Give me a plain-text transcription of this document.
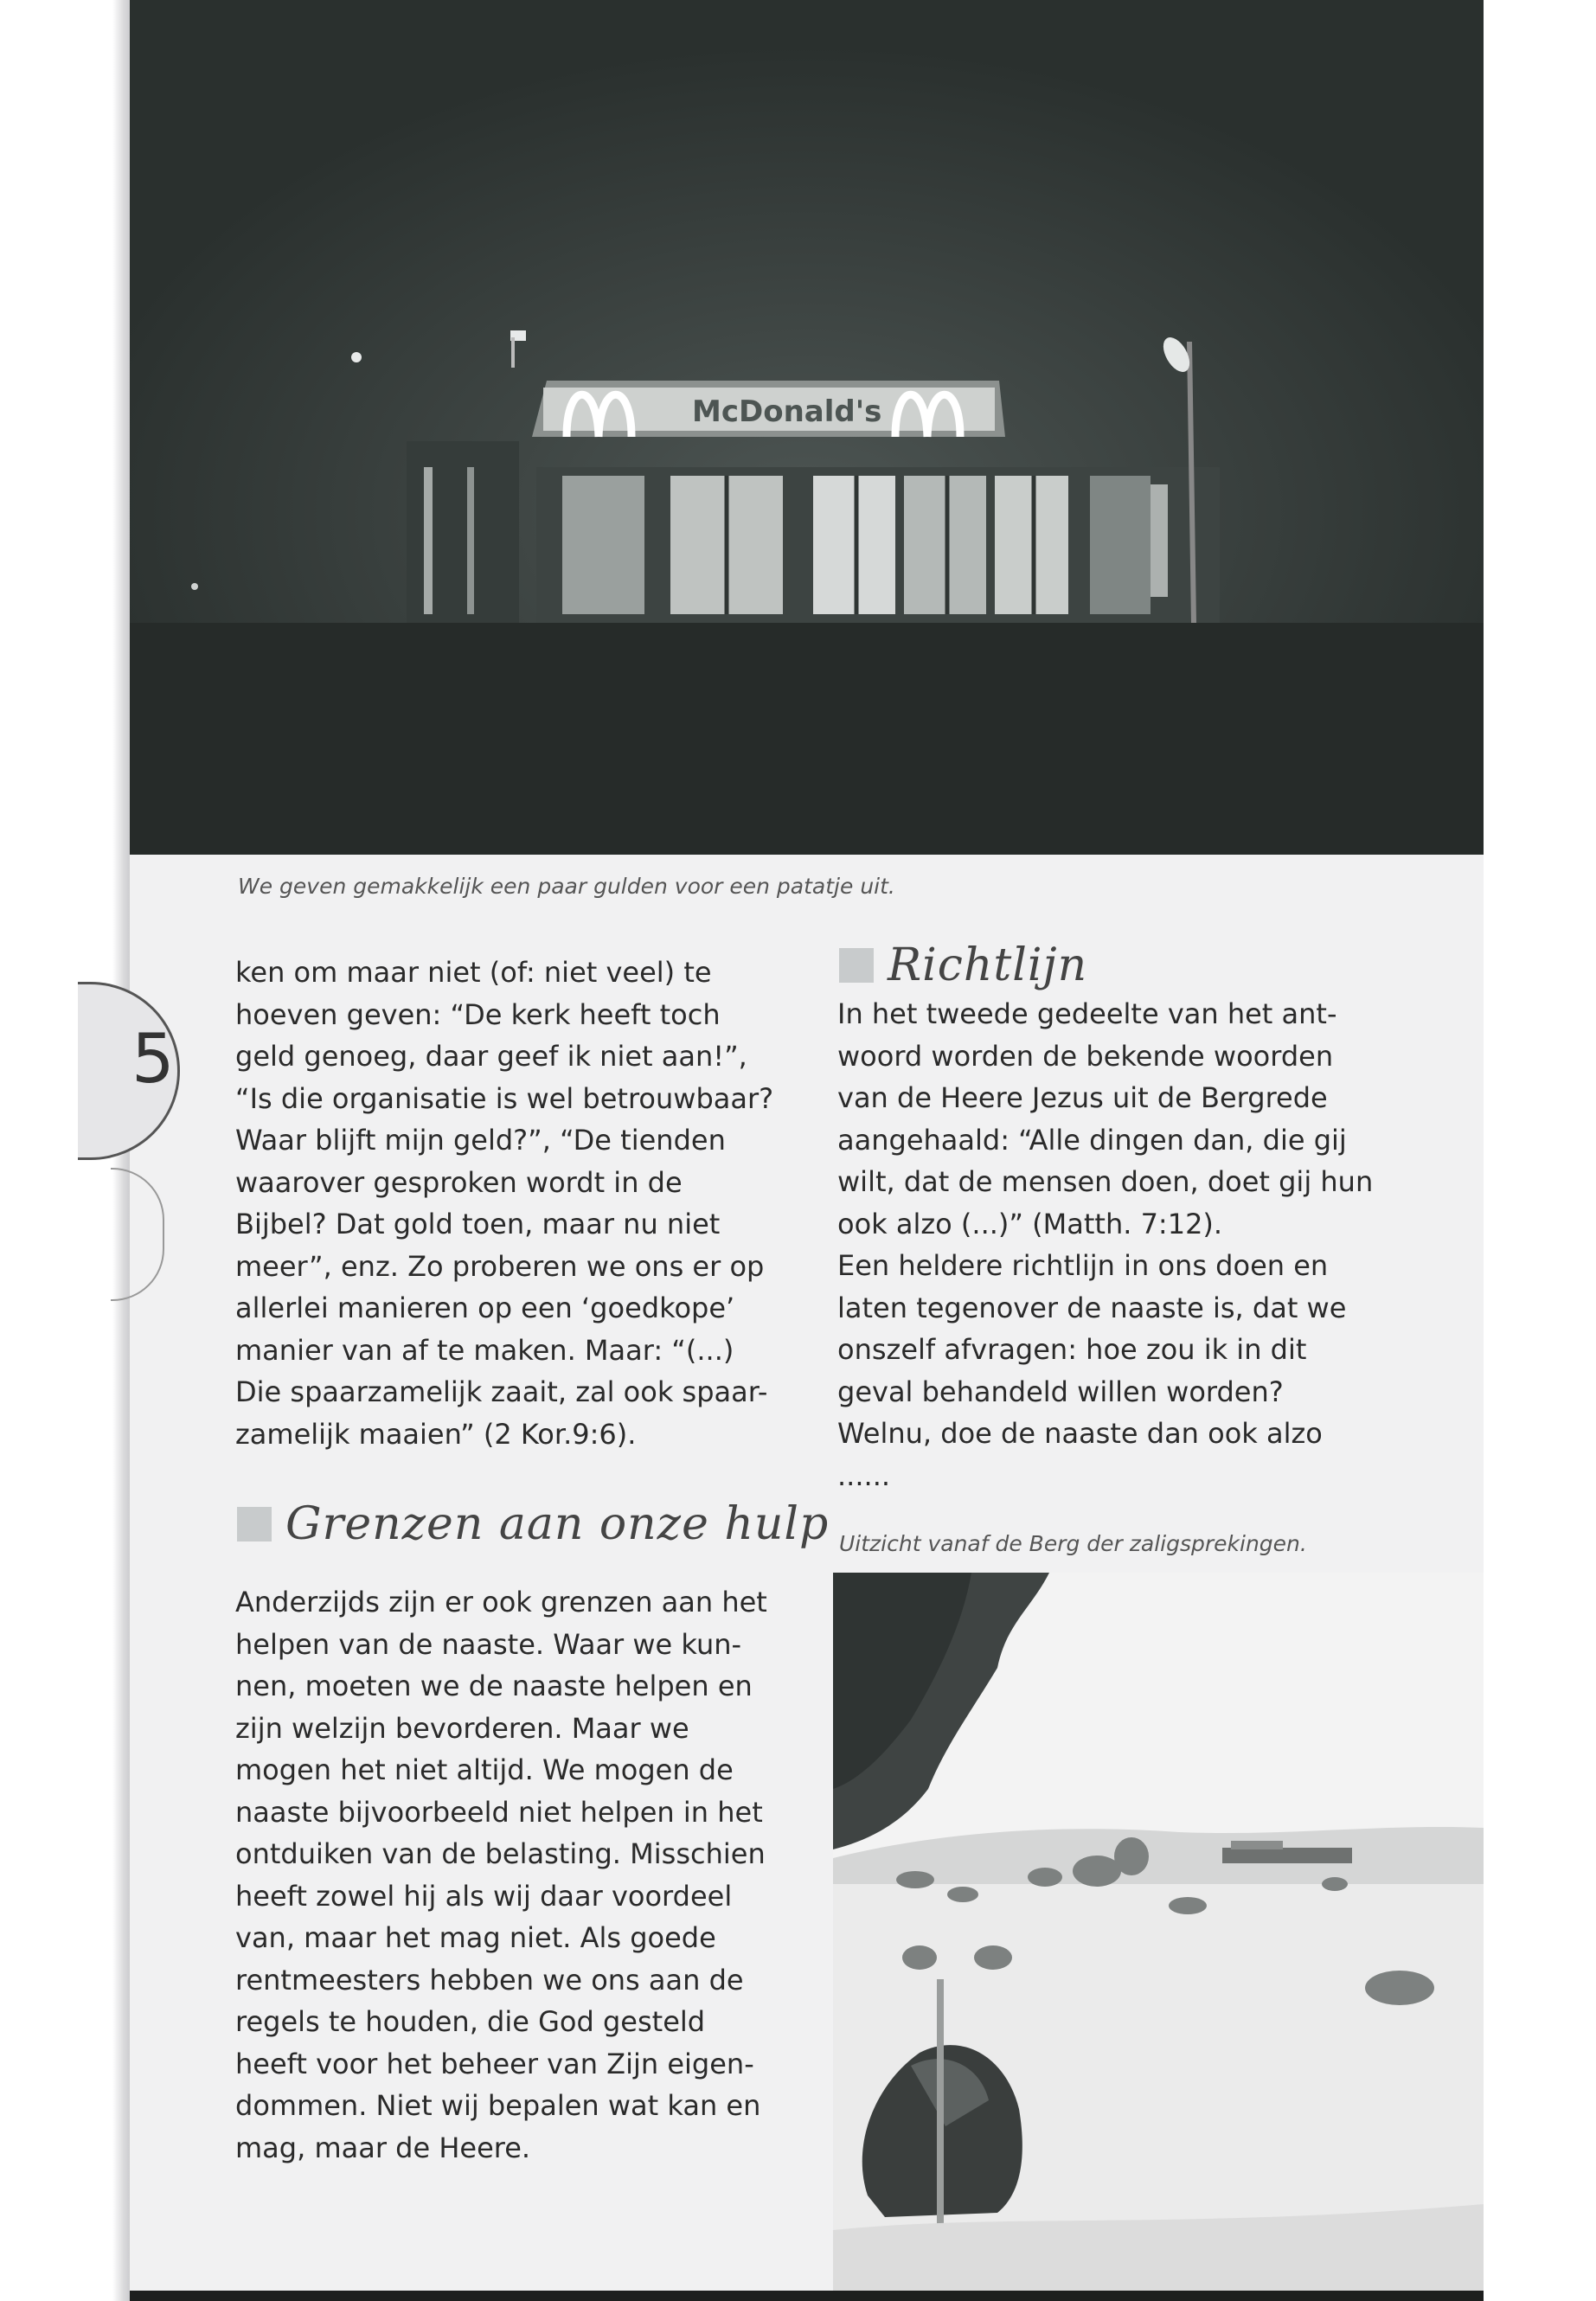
McDonald's
We geven gemakkelijk een paar gulden voor een patatje uit.
5
ken om maar niet (of: niet veel) te
hoeven geven: “De kerk heeft toch
geld genoeg, daar geef ik niet aan!”,
“Is die organisatie is wel betrouwbaar?
Waar blijft mijn geld?”, “De tienden
waarover gesproken wordt in de
Bijbel? Dat gold toen, maar nu niet
meer”, enz. Zo proberen we ons er op
allerlei manieren op een ‘goedkope’
manier van af te maken. Maar: “(...)
Die spaarzamelijk zaait, zal ook spaar-
zamelijk maaien” (2 Kor.9:6).
Grenzen aan onze hulp
Anderzijds zijn er ook grenzen aan het
helpen van de naaste. Waar we kun-
nen, moeten we de naaste helpen en
zijn welzijn bevorderen. Maar we
mogen het niet altijd. We mogen de
naaste bijvoorbeeld niet helpen in het
ontduiken van de belasting. Misschien
heeft zowel hij als wij daar voordeel
van, maar het mag niet. Als goede
rentmeesters hebben we ons aan de
regels te houden, die God gesteld
heeft voor het beheer van Zijn eigen-
dommen. Niet wij bepalen wat kan en
mag, maar de Heere.
Richtlijn
In het tweede gedeelte van het ant-
woord worden de bekende woorden
van de Heere Jezus uit de Bergrede
aangehaald: “Alle dingen dan, die gij
wilt, dat de mensen doen, doet gij hun
ook alzo (...)” (Matth. 7:12).
Een heldere richtlijn in ons doen en
laten tegenover de naaste is, dat we
onszelf afvragen: hoe zou ik in dit
geval behandeld willen worden?
Welnu, doe de naaste dan ook alzo
......
Uitzicht vanaf de Berg der zaligsprekingen.
